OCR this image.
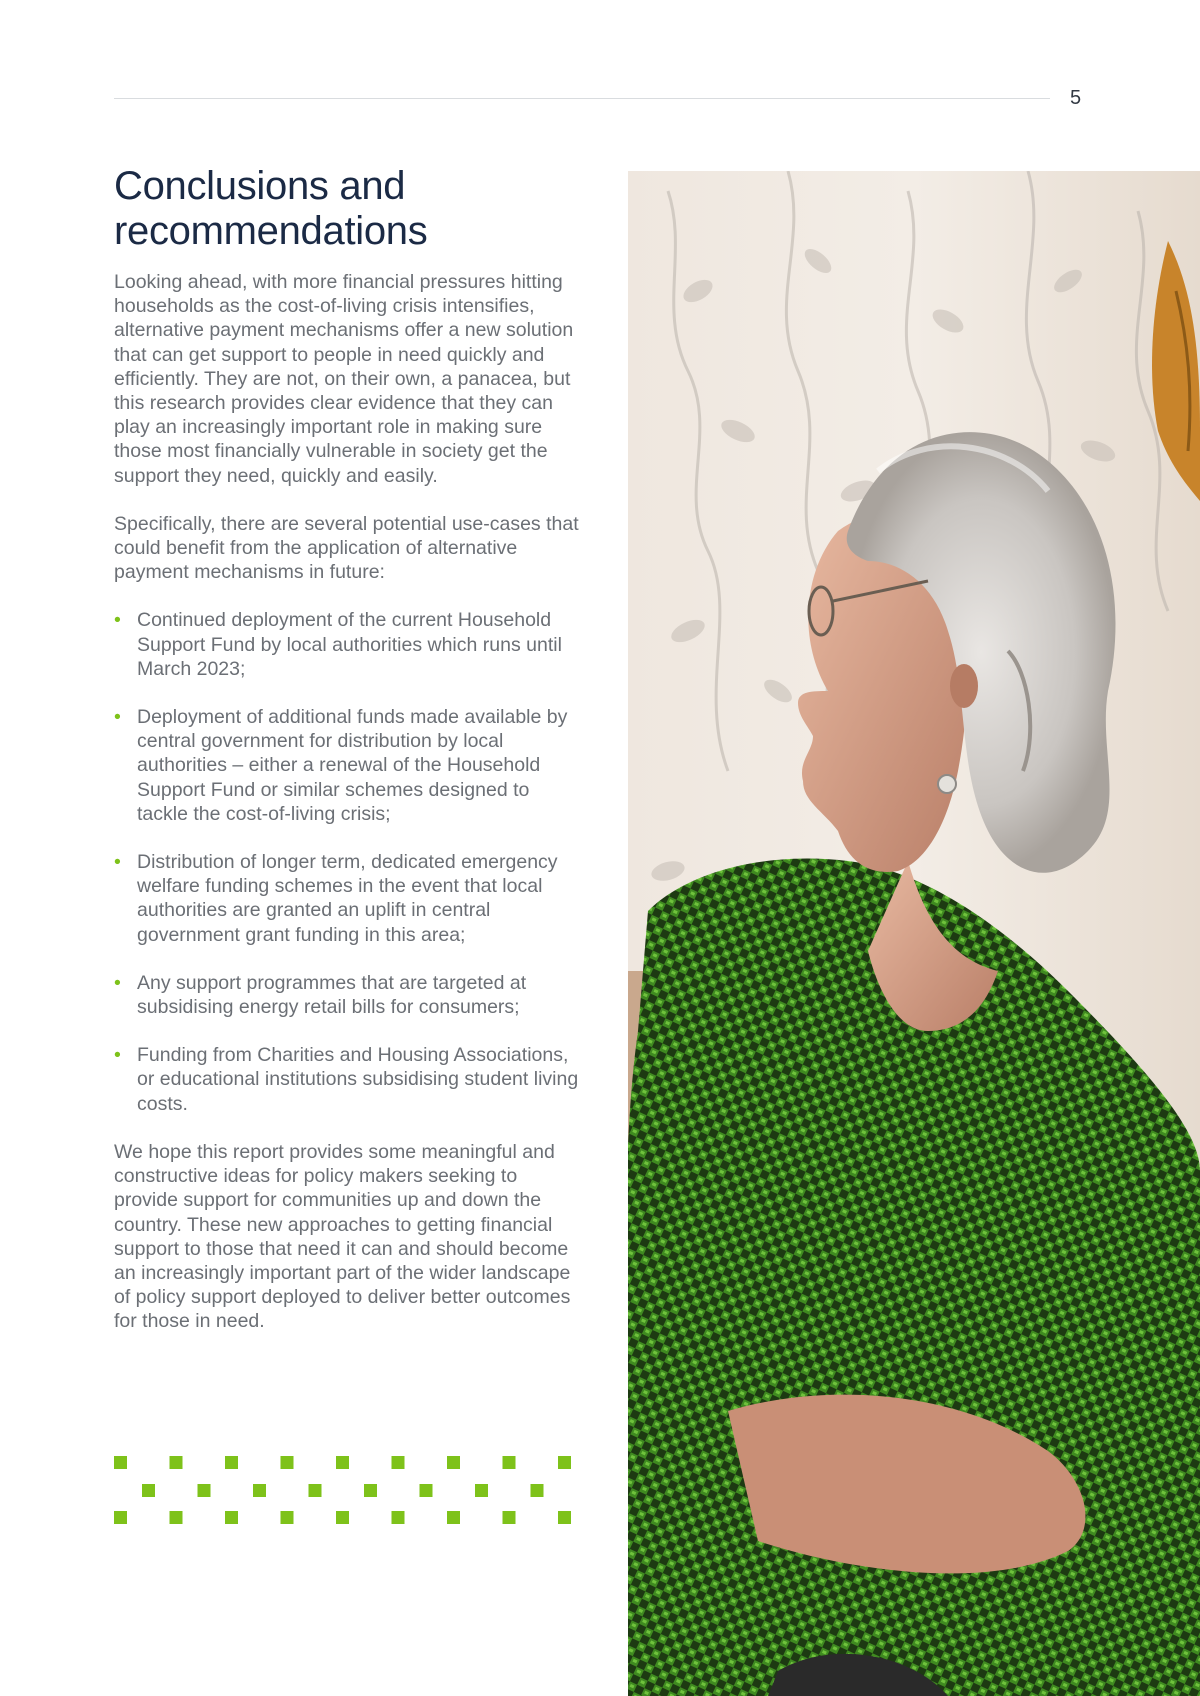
5
Conclusions and
recommendations

Looking ahead, with more financial pressures hitting households as the cost-of-living crisis intensifies, alternative payment mechanisms offer a new solution that can get support to people in need quickly and efficiently. They are not, on their own, a panacea, but this research provides clear evidence that they can play an increasingly important role in making sure those most financially vulnerable in society get the support they need, quickly and easily.

Specifically, there are several potential use-cases that could benefit from the application of alternative payment mechanisms in future:

• Continued deployment of the current Household Support Fund by local authorities which runs until March 2023;
• Deployment of additional funds made available by central government for distribution by local authorities – either a renewal of the Household Support Fund or similar schemes designed to tackle the cost-of-living crisis;
• Distribution of longer term, dedicated emergency welfare funding schemes in the event that local authorities are granted an uplift in central government grant funding in this area;
• Any support programmes that are targeted at subsidising energy retail bills for consumers;
• Funding from Charities and Housing Associations, or educational institutions subsidising student living costs.

We hope this report provides some meaningful and constructive ideas for policy makers seeking to provide support for communities up and down the country. These new approaches to getting financial support to those that need it can and should become an increasingly important part of the wider landscape of policy support deployed to deliver better outcomes for those in need.
